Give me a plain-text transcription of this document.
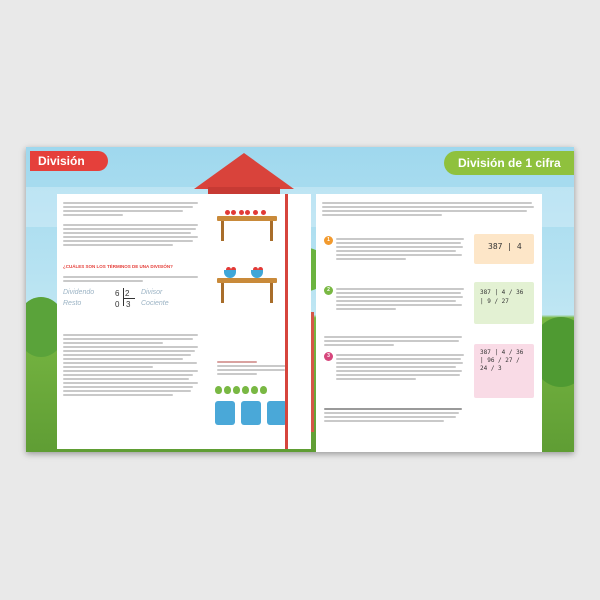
División	División de 1 cifra
¿CUÁLES SON LOS TÉRMINOS DE UNA DIVISIÓN?
Dividendo	6 2 Divisor
Resto	0 3 Cociente
1
387 | 4
2	387 | 4 / 36 | 9 / 27
3	387 | 4 / 36 | 96 / 27 / 24 / 3
